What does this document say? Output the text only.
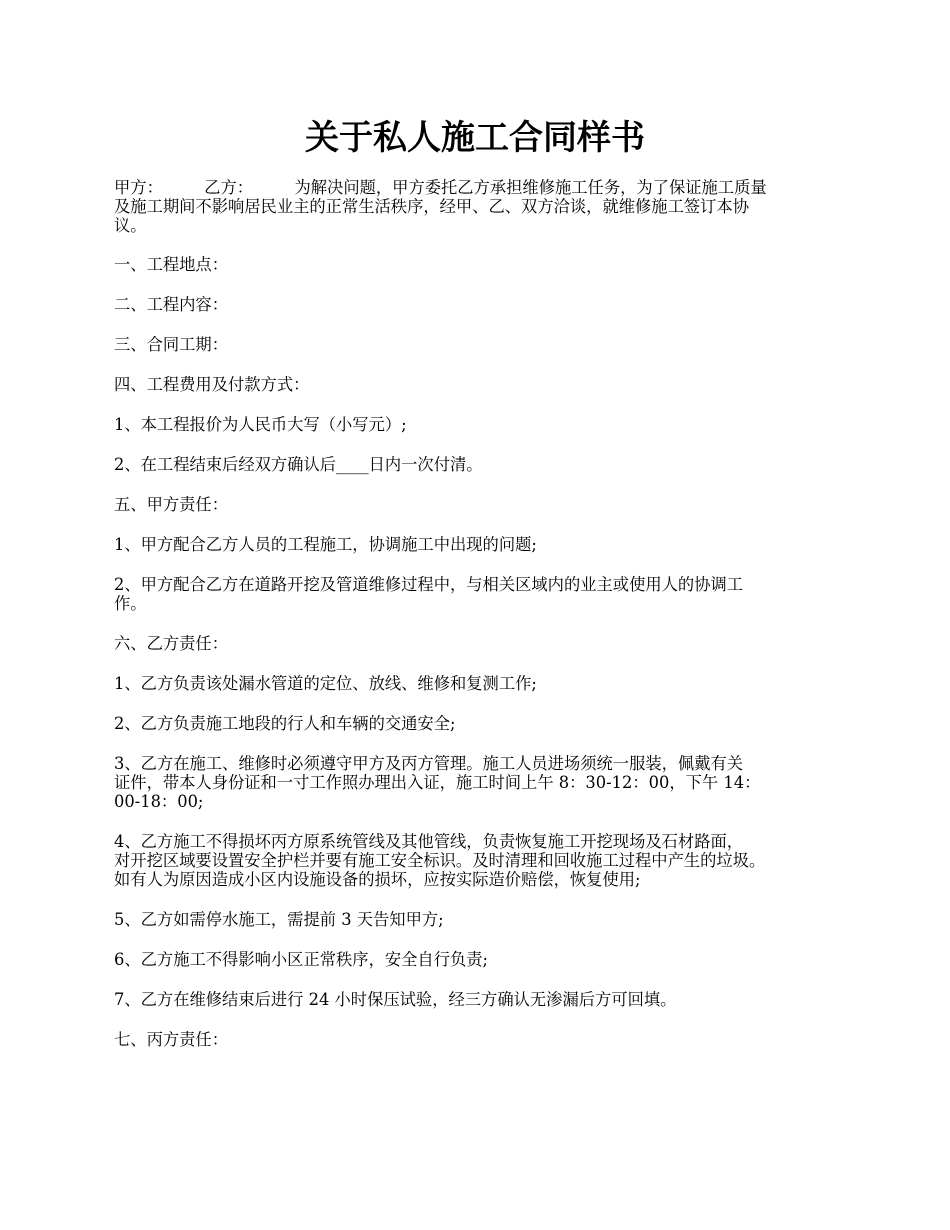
关于私人施工合同样书
甲方：        乙方：        为解决问题，甲方委托乙方承担维修施工任务，为了保证施工质量
及施工期间不影响居民业主的正常生活秩序，经甲、乙、双方洽谈，就维修施工签订本协
议。
一、工程地点：
二、工程内容：
三、合同工期：
四、工程费用及付款方式：
1、本工程报价为人民币大写（小写元）;
2、在工程结束后经双方确认后____日内一次付清。
五、甲方责任：
1、甲方配合乙方人员的工程施工，协调施工中出现的问题;
2、甲方配合乙方在道路开挖及管道维修过程中，与相关区域内的业主或使用人的协调工
作。
六、乙方责任：
1、乙方负责该处漏水管道的定位、放线、维修和复测工作;
2、乙方负责施工地段的行人和车辆的交通安全;
3、乙方在施工、维修时必须遵守甲方及丙方管理。施工人员进场须统一服装，佩戴有关
证件，带本人身份证和一寸工作照办理出入证，施工时间上午 8：30-12：00，下午 14：
00-18：00;
4、乙方施工不得损坏丙方原系统管线及其他管线，负责恢复施工开挖现场及石材路面，
对开挖区域要设置安全护栏并要有施工安全标识。及时清理和回收施工过程中产生的垃圾。
如有人为原因造成小区内设施设备的损坏，应按实际造价赔偿，恢复使用;
5、乙方如需停水施工，需提前 3 天告知甲方;
6、乙方施工不得影响小区正常秩序，安全自行负责;
7、乙方在维修结束后进行 24 小时保压试验，经三方确认无渗漏后方可回填。
七、丙方责任：
